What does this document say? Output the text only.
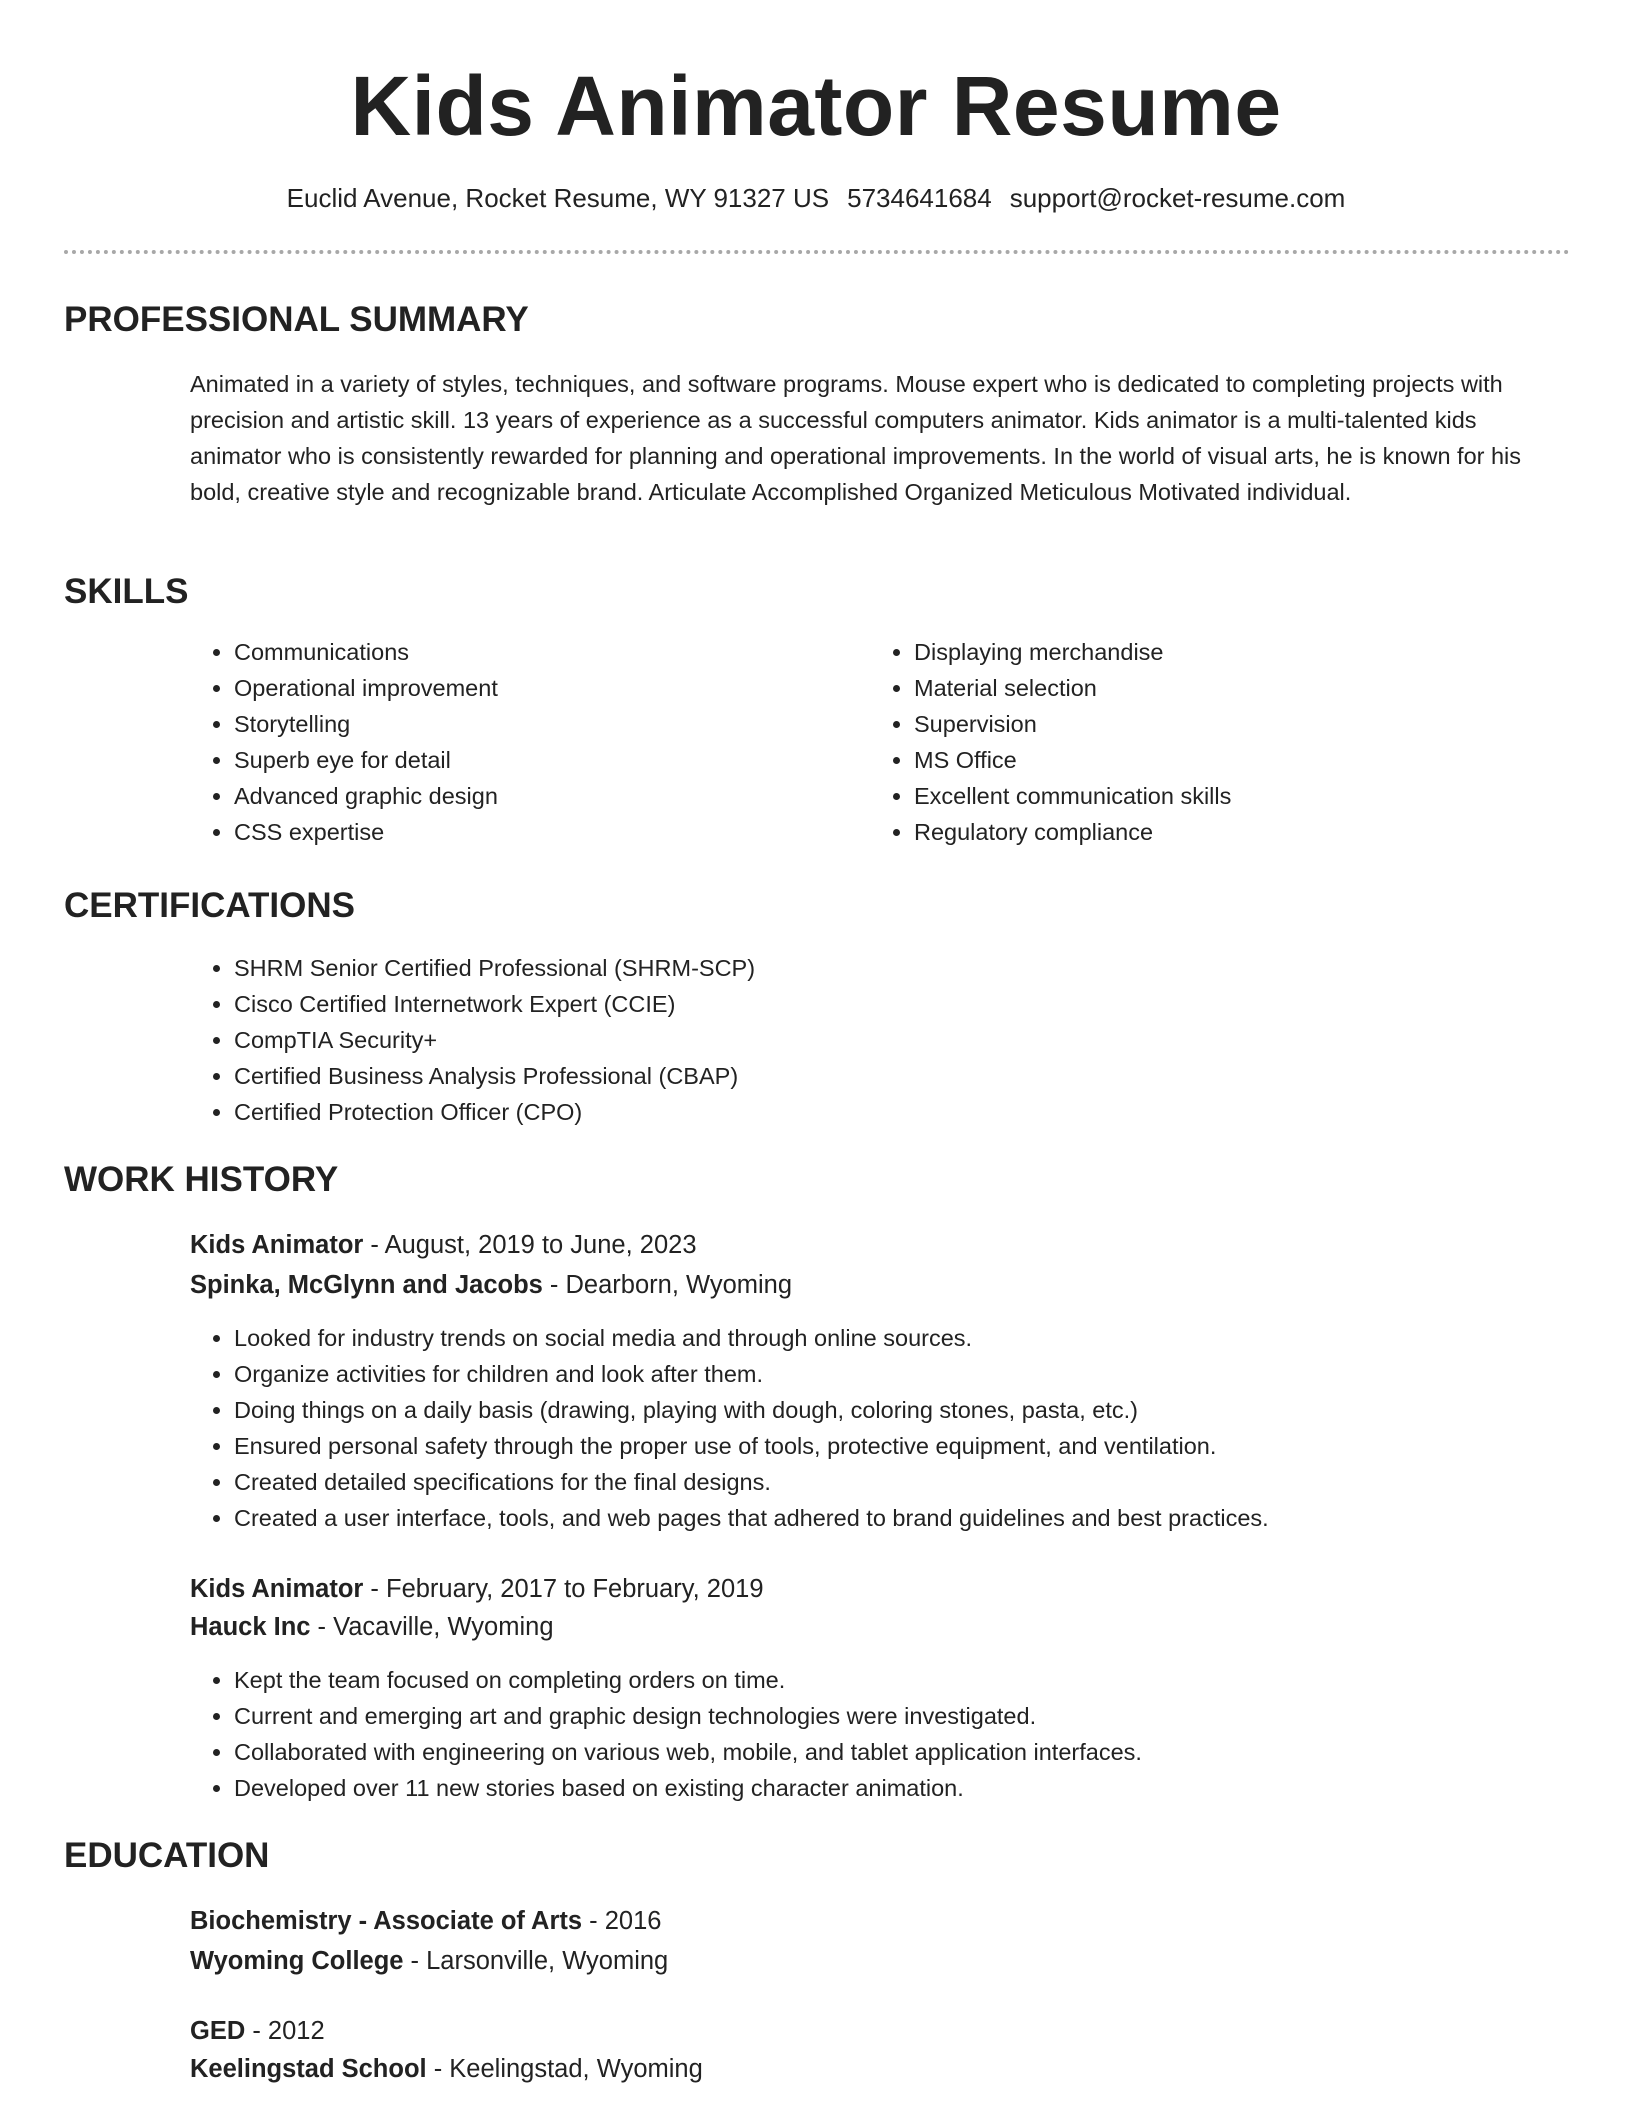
Kids Animator Resume
Euclid Avenue, Rocket Resume, WY 91327 US 5734641684 support@rocket-resume.com
PROFESSIONAL SUMMARY

Animated in a variety of styles, techniques, and software programs. Mouse expert who is dedicated to completing projects with precision and artistic skill. 13 years of experience as a successful computers animator. Kids animator is a multi-talented kids animator who is consistently rewarded for planning and operational improvements. In the world of visual arts, he is known for his bold, creative style and recognizable brand. Articulate Accomplished Organized Meticulous Motivated individual.

SKILLS
• Communications
• Operational improvement
• Storytelling
• Superb eye for detail
• Advanced graphic design
• CSS expertise
• Displaying merchandise
• Material selection
• Supervision
• MS Office
• Excellent communication skills
• Regulatory compliance
CERTIFICATIONS
• SHRM Senior Certified Professional (SHRM-SCP)
• Cisco Certified Internetwork Expert (CCIE)
• CompTIA Security+
• Certified Business Analysis Professional (CBAP)
• Certified Protection Officer (CPO)
WORK HISTORY
Kids Animator - August, 2019 to June, 2023
Spinka, McGlynn and Jacobs - Dearborn, Wyoming
• Looked for industry trends on social media and through online sources.
• Organize activities for children and look after them.
• Doing things on a daily basis (drawing, playing with dough, coloring stones, pasta, etc.)
• Ensured personal safety through the proper use of tools, protective equipment, and ventilation.
• Created detailed specifications for the final designs.
• Created a user interface, tools, and web pages that adhered to brand guidelines and best practices.
Kids Animator - February, 2017 to February, 2019
Hauck Inc - Vacaville, Wyoming
• Kept the team focused on completing orders on time.
• Current and emerging art and graphic design technologies were investigated.
• Collaborated with engineering on various web, mobile, and tablet application interfaces.
• Developed over 11 new stories based on existing character animation.
EDUCATION
Biochemistry - Associate of Arts - 2016
Wyoming College - Larsonville, Wyoming
GED - 2012
Keelingstad School - Keelingstad, Wyoming
